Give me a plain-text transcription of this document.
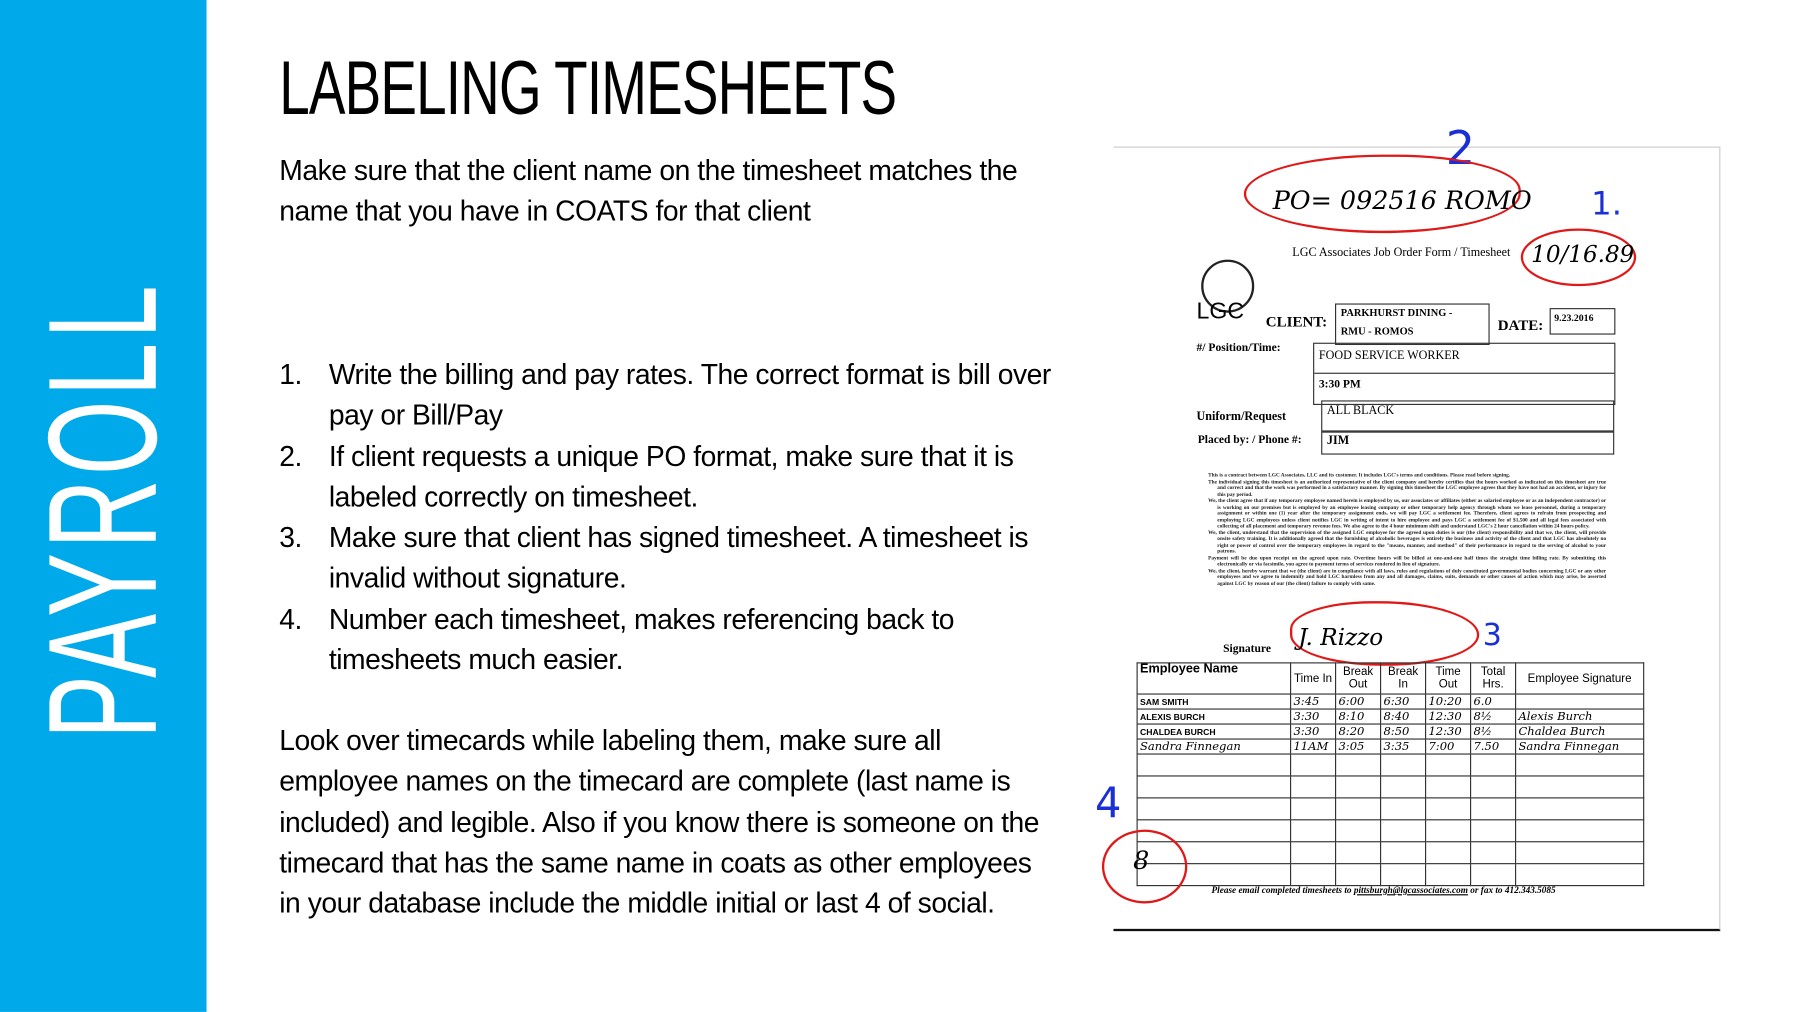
PAYROLL
LABELING TIMESHEETS
Make sure that the client name on the timesheet matches the name that you have in COATS for that client
1.	Write the billing and pay rates. The correct format is bill over pay or Bill/Pay
2.	If client requests a unique PO format, make sure that it is labeled correctly on timesheet.
3.	Make sure that client has signed timesheet. A timesheet is invalid without signature.
4.	Number each timesheet, makes referencing back to timesheets much easier.
Look over timecards while labeling them, make sure all employee names on the timecard are complete (last name is included) and legible. Also if you know there is someone on the timecard that has the same name in coats as other employees in your database include the middle initial or last 4 of social.
2
PO= 092516 ROMO 1.
LGC Associates Job Order Form / Timesheet 10/16.89
LGC CLIENT: PARKHURST DINING -
RMU - ROMOS	DATE: 9.23.2016
#/ Position/Time:
FOOD SERVICE WORKER
3:30 PM
Uniform/Request	ALL BLACK
Placed by: / Phone #: JIM

This is a contract between LGC Associates, LLC and its customer. It includes LGC's terms and conditions. Please read before signing.

The individual signing this timesheet is an authorized representative of the client company and hereby certifies that the hours worked as indicated on this timesheet are true and correct and that the work was performed in a satisfactory manner. By signing this timesheet the LGC employee agrees that they have not had an accident, or injury for this pay period.

We, the client agree that if any temporary employee named herein is employed by us, our associates or affiliates (either as salaried employee or as an independent contractor) or is working on our premises but is employed by an employee leasing company or other temporary help agency through whom we lease personnel, during a temporary assignment or within one (1) year after the temporary assignment ends, we will pay LGC a settlement fee. Therefore, client agrees to refrain from prospecting and employing LGC employees unless client notifies LGC in writing of intent to hire employee and pays LGC a settlement fee of $1,500 and all legal fees associated with collecting of all placement and temporary revenue fees. We also agree to the 4 hour minimum shift and understand LGC's 2 hour cancellation within 24 hours policy.

We, the client, understand that the supervision of the assigned LGC employee for the agreed upon duties is our (the client) responsibility and that we, the client, will provide onsite safety training. It is additionally agreed that the furnishing of alcoholic beverages is entirely the business and activity of the client and that LGC has absolutely no right or power of control over the temporary employees in regard to the "means, manner, and method" of their performance in regard to the serving of alcohol to your patrons.

Payment will be due upon receipt on the agreed upon rate. Overtime hours will be billed at one-and-one half times the straight time billing rate. By submitting this electronically or via facsimile, you agree to payment terms of services rendered in lieu of signature.

We, the client, hereby warrant that we (the client) are in compliance with all laws, rules and regulations of duly constituted governmental bodies concerning LGC or any other employees and we agree to indemnify and hold LGC harmless from any and all damages, claims, suits, demands or other causes of action which may arise, be asserted against LGC by reason of our (the client) failure to comply with same.

Signature J. Rizzo	3
Employee Name	Time In	Break Out	Break In	Time Out	Total Hrs.	Employee Signature
SAM SMITH	3:45	6:00	6:30	10:20	6.0	
ALEXIS BURCH	3:30	8:10	8:40	12:30	8½	Alexis Burch
CHALDEA BURCH	3:30	8:20	8:50	12:30	8½	Chaldea Burch
Sandra Finnegan	11AM	3:05	3:35	7:00	7.50	Sandra Finnegan

4
8
Please email completed timesheets to pittsburgh@lgcassociates.com or fax to 412.343.5085
